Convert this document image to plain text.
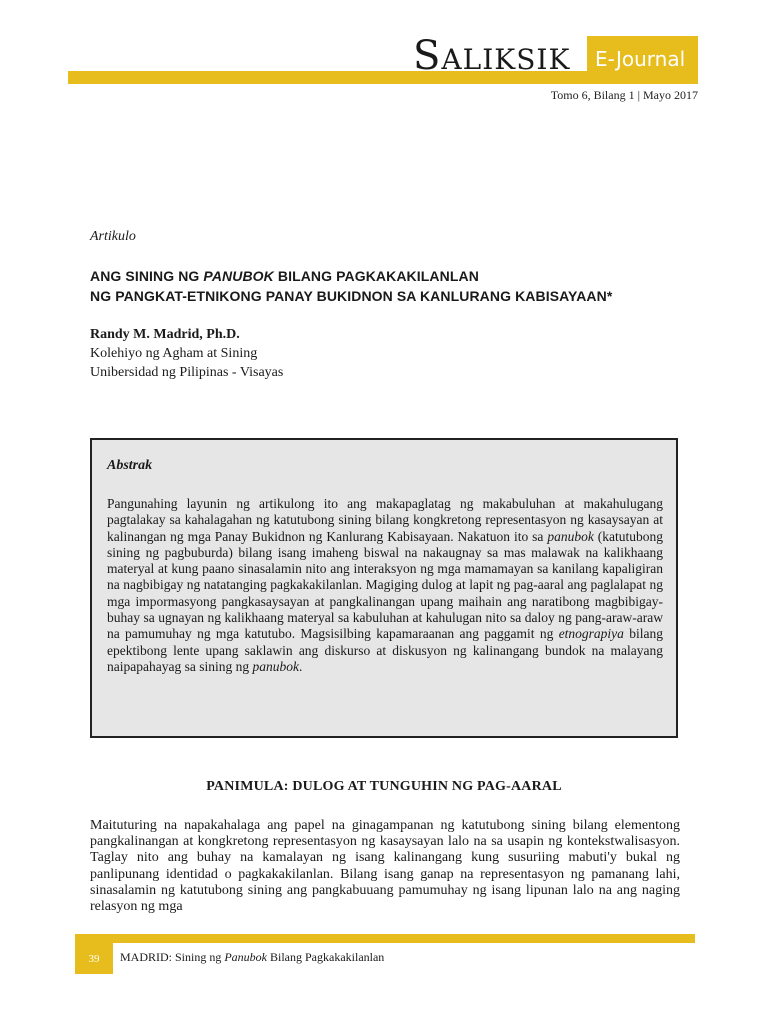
Saliksik E-Journal
Tomo 6, Bilang 1 | Mayo 2017
Artikulo
ANG SINING NG PANUBOK BILANG PAGKAKAKILANLAN
NG PANGKAT-ETNIKONG PANAY BUKIDNON SA KANLURANG KABISAYAAN*
Randy M. Madrid, Ph.D.
Kolehiyo ng Agham at Sining
Unibersidad ng Pilipinas - Visayas
Abstrak
Pangunahing layunin ng artikulong ito ang makapaglatag ng makabuluhan at makahulugang pagtalakay sa kahalagahan ng katutubong sining bilang kongkretong representasyon ng kasaysayan at kalinangan ng mga Panay Bukidnon ng Kanlurang Kabisayaan. Nakatuon ito sa panubok (katutubong sining ng pagbuburda) bilang isang imaheng biswal na nakaugnay sa mas malawak na kalikhaang materyal at kung paano sinasalamin nito ang interaksyon ng mga mamamayan sa kanilang kapaligiran na nagbibigay ng natatanging pagkakakilanlan. Magiging dulog at lapit ng pag-aaral ang paglalapat ng mga impormasyong pangkasaysayan at pangkalinangan upang maihain ang naratibong magbibigay-buhay sa ugnayan ng kalikhaang materyal sa kabuluhan at kahulugan nito sa daloy ng pang-araw-araw na pamumuhay ng mga katutubo. Magsisilbing kapamaraanan ang paggamit ng etnograpiya bilang epektibong lente upang saklawin ang diskurso at diskusyon ng kalinangang bundok na malayang naipapahayag sa sining ng panubok.
PANIMULA: DULOG AT TUNGUHIN NG PAG-AARAL
Maituturing na napakahalaga ang papel na ginagampanan ng katutubong sining bilang elementong pangkalinangan at kongkretong representasyon ng kasaysayan lalo na sa usapin ng kontekstwalisasyon. Taglay nito ang buhay na kamalayan ng isang kalinangang kung susuriing mabuti'y bukal ng panlipunang identidad o pagkakakilanlan. Bilang isang ganap na representasyon ng pamanang lahi, sinasalamin ng katutubong sining ang pangkabuuang pamumuhay ng isang lipunan lalo na ang naging relasyon ng mga
39	MADRID: Sining ng Panubok Bilang Pagkakakilanlan
